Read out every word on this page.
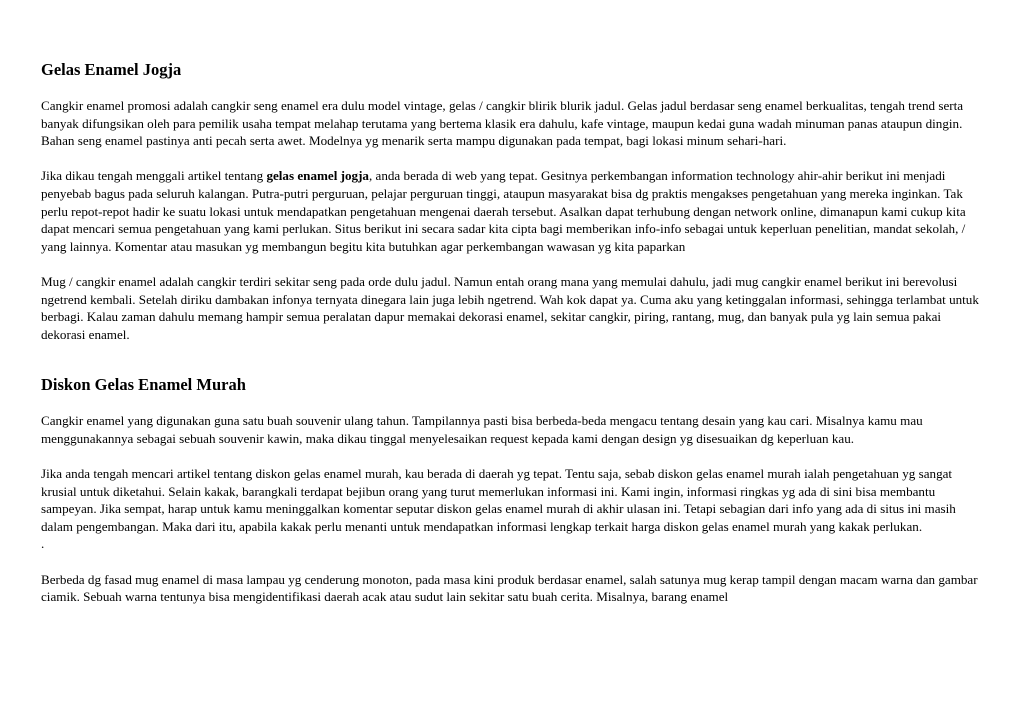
Gelas Enamel Jogja

Cangkir enamel promosi adalah cangkir seng enamel era dulu model vintage, gelas / cangkir blirik blurik jadul. Gelas jadul berdasar seng enamel berkualitas, tengah trend serta banyak difungsikan oleh para pemilik usaha tempat melahap terutama yang bertema klasik era dahulu, kafe vintage, maupun kedai guna wadah minuman panas ataupun dingin. Bahan seng enamel pastinya anti pecah serta awet. Modelnya yg menarik serta mampu digunakan pada tempat, bagi lokasi minum sehari-hari.

Jika dikau tengah menggali artikel tentang gelas enamel jogja, anda berada di web yang tepat. Gesitnya perkembangan information technology ahir-ahir berikut ini menjadi penyebab bagus pada seluruh kalangan. Putra-putri perguruan, pelajar perguruan tinggi, ataupun masyarakat bisa dg praktis mengakses pengetahuan yang mereka inginkan. Tak perlu repot-repot hadir ke suatu lokasi untuk mendapatkan pengetahuan mengenai daerah tersebut. Asalkan dapat terhubung dengan network online, dimanapun kami cukup kita dapat mencari semua pengetahuan yang kami perlukan. Situs berikut ini secara sadar kita cipta bagi memberikan info-info sebagai untuk keperluan penelitian, mandat sekolah, / yang lainnya. Komentar atau masukan yg membangun begitu kita butuhkan agar perkembangan wawasan yg kita paparkan

Mug / cangkir enamel adalah cangkir terdiri sekitar seng pada orde dulu jadul. Namun entah orang mana yang memulai dahulu, jadi mug cangkir enamel berikut ini berevolusi ngetrend kembali. Setelah diriku dambakan infonya ternyata dinegara lain juga lebih ngetrend. Wah kok dapat ya. Cuma aku yang ketinggalan informasi, sehingga terlambat untuk berbagi. Kalau zaman dahulu memang hampir semua peralatan dapur memakai dekorasi enamel, sekitar cangkir, piring, rantang, mug, dan banyak pula yg lain semua pakai dekorasi enamel.

Diskon Gelas Enamel Murah

Cangkir enamel yang digunakan guna satu buah souvenir ulang tahun. Tampilannya pasti bisa berbeda-beda mengacu tentang desain yang kau cari. Misalnya kamu mau menggunakannya sebagai sebuah souvenir kawin, maka dikau tinggal menyelesaikan request kepada kami dengan design yg disesuaikan dg keperluan kau.

Jika anda tengah mencari artikel tentang diskon gelas enamel murah, kau berada di daerah yg tepat. Tentu saja, sebab diskon gelas enamel murah ialah pengetahuan yg sangat krusial untuk diketahui. Selain kakak, barangkali terdapat bejibun orang yang turut memerlukan informasi ini. Kami ingin, informasi ringkas yg ada di sini bisa membantu sampeyan. Jika sempat, harap untuk kamu meninggalkan komentar seputar diskon gelas enamel murah di akhir ulasan ini. Tetapi sebagian dari info yang ada di situs ini masih dalam pengembangan. Maka dari itu, apabila kakak perlu menanti untuk mendapatkan informasi lengkap terkait harga diskon gelas enamel murah yang kakak perlukan.

.

Berbeda dg fasad mug enamel di masa lampau yg cenderung monoton, pada masa kini produk berdasar enamel, salah satunya mug kerap tampil dengan macam warna dan gambar ciamik. Sebuah warna tentunya bisa mengidentifikasi daerah acak atau sudut lain sekitar satu buah cerita. Misalnya, barang enamel
